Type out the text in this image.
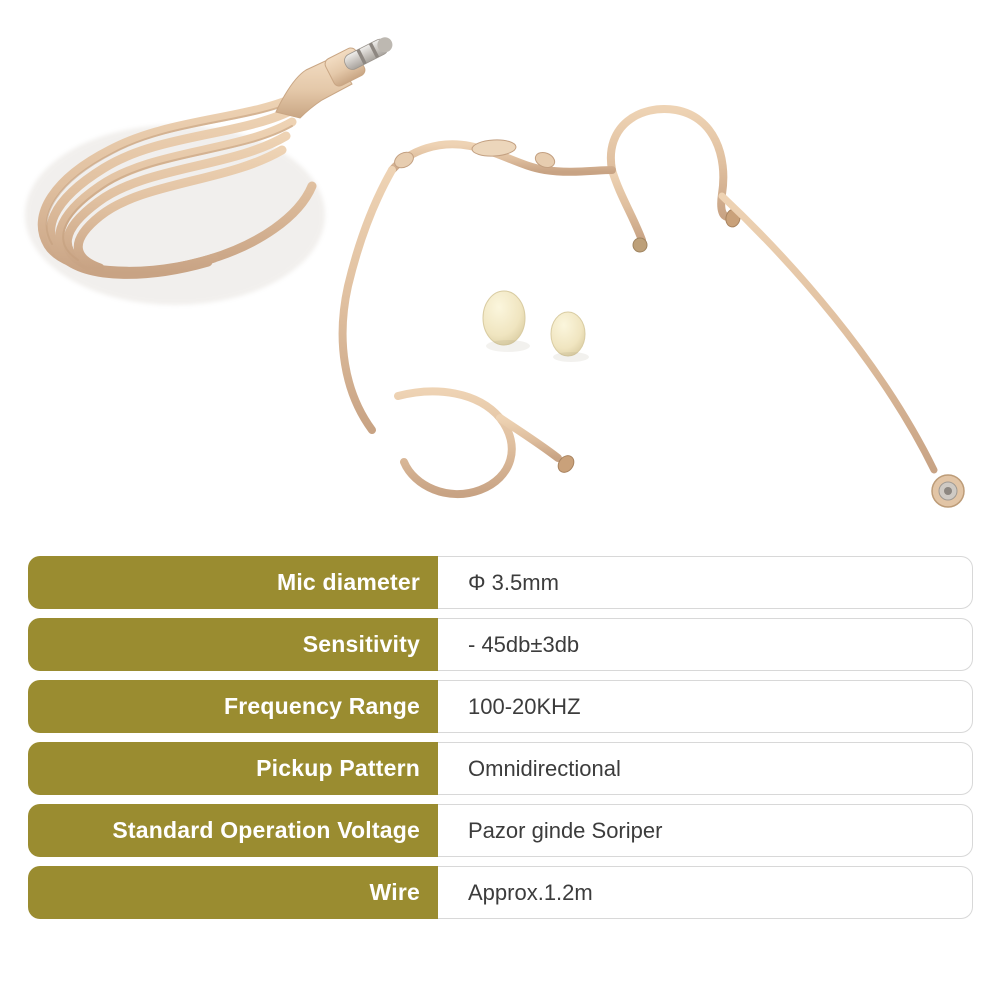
Mic diameter	Φ 3.5mm
Sensitivity	- 45db±3db
Frequency Range	100-20KHZ
Pickup Pattern	Omnidirectional
Standard Operation Voltage	Pazor ginde Soriper
Wire	Approx.1.2m
